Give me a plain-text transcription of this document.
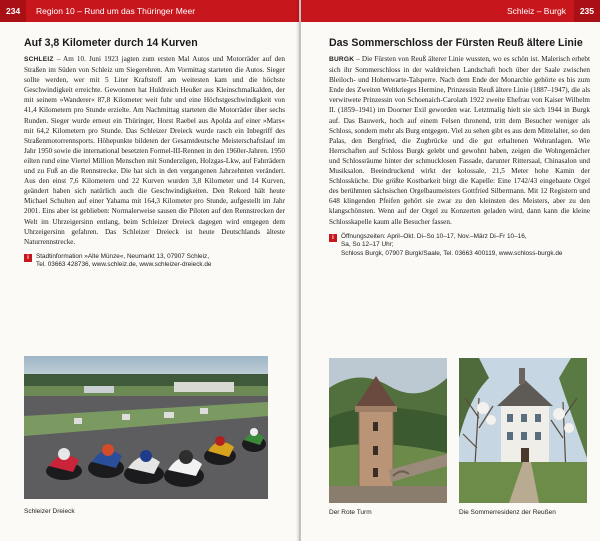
234	Region 10 – Rund um das Thüringer Meer
Auf 3,8 Kilometer durch 14 Kurven

SCHLEIZ – Am 10. Juni 1923 jagten zum ersten Mal Autos und Motorräder auf den Straßen im Süden von Schleiz um Siegerehren. Am Vormittag starteten die Autos. Sieger sollte werden, wer mit 5 Liter Kraftstoff am weitesten kam und die höchste Geschwindigkeit erreichte. Gewonnen hat Huldreich Heußer aus Kleinschmalkalden, der mit seinem »Wanderer« 87,8 Kilometer weit fuhr und eine Höchstgeschwindigkeit von 41,4 Kilometern pro Stunde erzielte. Am Nachmittag starteten die Motorräder über sechs Runden. Sieger wurde erneut ein Thüringer, Horst Raebel aus Apolda auf einer »Mars« mit 64,2 Kilometern pro Stunde. Das Schleizer Dreieck wurde rasch ein Inbegriff des Straßenmotorrennsports. Höhepunkte bildeten der Gesamtdeutsche Meisterschaftslauf im Jahr 1950 sowie die international besetzten Formel-III-Rennen in den 1960er-Jahren. 1950 eilten rund eine Viertel Million Menschen mit Sonderzügen, Holzgas-Lkw, auf Fahrrädern und zu Fuß an die Rennstrecke. Die hat sich in den vergangenen Jahrzehnten verändert. Aus den einst 7,6 Kilometern und 22 Kurven wurden 3,8 Kilometer und 14 Kurven, geändert haben sich natürlich auch die Geschwindigkeiten. Den Rekord hält heute Michael Schulten auf einer Yahama mit 164,3 Kilometer pro Stunde, aufgestellt im Jahr 2001. Eins aber ist geblieben: Normalerweise sausen die Piloten auf den Rennstrecken der Welt im Uhrzeigersinn entlang, beim Schleizer Dreieck dagegen wird entgegen dem Uhrzeigersinn gefahren. Das Schleizer Dreieck ist heute Deutschlands älteste Naturrennstrecke.

i	Stadtinformation »Alte Münze«, Neumarkt 13, 07907 Schleiz,
Tel. 03663 428736, www.schleiz.de, www.schleizer-dreieck.de
Schleizer Dreieck
Schleiz – Burgk	235
Das Sommerschloss der Fürsten Reuß ältere Linie

BURGK – Die Fürsten von Reuß älterer Linie wussten, wo es schön ist. Malerisch erhebt sich ihr Sommerschloss in der waldreichen Landschaft hoch über der Saale zwischen Bleiloch- und Hohenwarte-Talsperre. Nach dem Ende der Monarchie gehörte es bis zum Ende des Zweiten Weltkrieges Hermine, Prinzessin Reuß ältere Linie (1887–1947), die als verwitwete Prinzessin von Schoenaich-Carolath 1922 zweite Ehefrau von Kaiser Wilhelm II. (1859–1941) im Doorner Exil geworden war. Letztmalig hielt sie sich 1944 in Burgk auf. Das Bauwerk, hoch auf einem Felsen thronend, tritt dem Besucher weniger als Schloss, sondern mehr als Burg entgegen. Viel zu sehen gibt es aus dem Mittelalter, so den Palas, den Bergfried, die Zugbrücke und die gut erhaltenen Wehranlagen. Wie Herrschaften auf Schloss Burgk gelebt und gewohnt haben, zeigen die Wohngemächer und Schlossräume hinter der schmucklosen Fassade, darunter Rittersaal, Chinasalon und Musiksalon. Beeindruckend wirkt der kolossale, 21,5 Meter hohe Kamin der Schlossküche. Die größte Kostbarkeit birgt die Kapelle: Eine 1742/43 eingebaute Orgel des berühmten sächsischen Orgelbaumeisters Gottfried Silbermann. Mit 12 Registern und 648 klingenden Pfeifen gehört sie zwar zu den kleinsten des Meisters, aber zu den klangschönsten. Wenn auf der Orgel zu Konzerten geladen wird, dann kann die kleine Schlosskapelle kaum alle Besucher fassen.

i	Öffnungszeiten: April–Okt. Di–So 10–17, Nov.–März Di–Fr 10–16,
Sa, So 12–17 Uhr;
Schloss Burgk, 07907 Burgk/Saale, Tel. 03663 400119, www.schloss-burgk.de
Der Rote Turm	Die Sommerresidenz der Reußen
